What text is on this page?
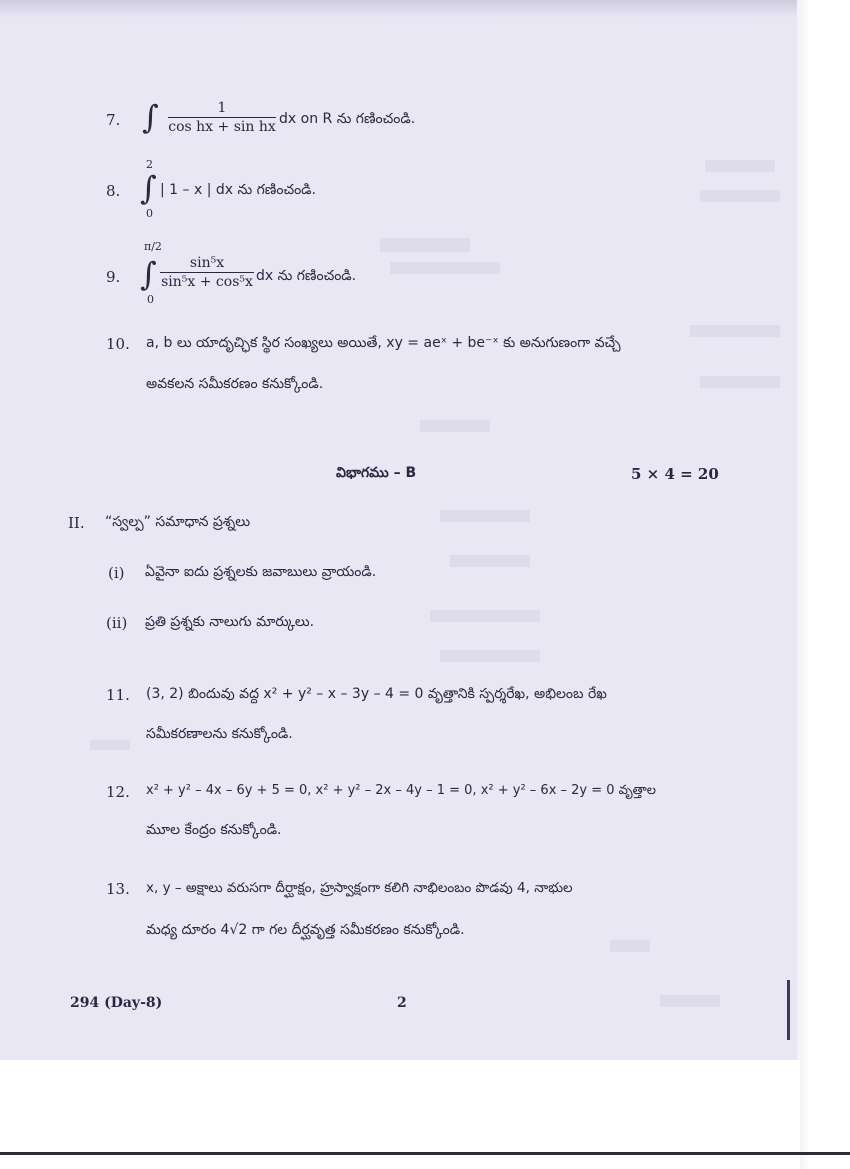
7. ∫	1
cos hx + sin hx dx on R ను గణించండి.
8.
2
∫
0
| 1 – x | dx ను గణించండి.
9.
π/2
∫
0
sin⁵x
sin⁵x + cos⁵x dx ను గణించండి.
10. a, b లు యాదృచ్ఛిక స్థిర సంఖ్యలు అయితే, xy = aeˣ + be⁻ˣ కు అనుగుణంగా వచ్చే
అవకలన సమీకరణం కనుక్కోండి.
విభాగము – B	5 × 4 = 20
II. “స్వల్ప” సమాధాన ప్రశ్నలు
(i) ఏవైనా ఐదు ప్రశ్నలకు జవాబులు వ్రాయండి.
(ii) ప్రతి ప్రశ్నకు నాలుగు మార్కులు.
11. (3, 2) బిందువు వద్ద x² + y² – x – 3y – 4 = 0 వృత్తానికి స్పర్శరేఖ, అభిలంబ రేఖ
సమీకరణాలను కనుక్కోండి.
12. x² + y² – 4x – 6y + 5 = 0, x² + y² – 2x – 4y – 1 = 0, x² + y² – 6x – 2y = 0 వృత్తాల
మూల కేంద్రం కనుక్కోండి.
13. x, y – అక్షాలు వరుసగా దీర్ఘాక్షం, హ్రస్వాక్షంగా కలిగి నాభిలంబం పొడవు 4, నాభుల
మధ్య దూరం 4√2 గా గల దీర్ఘవృత్త సమీకరణం కనుక్కోండి.
294 (Day-8)	2
